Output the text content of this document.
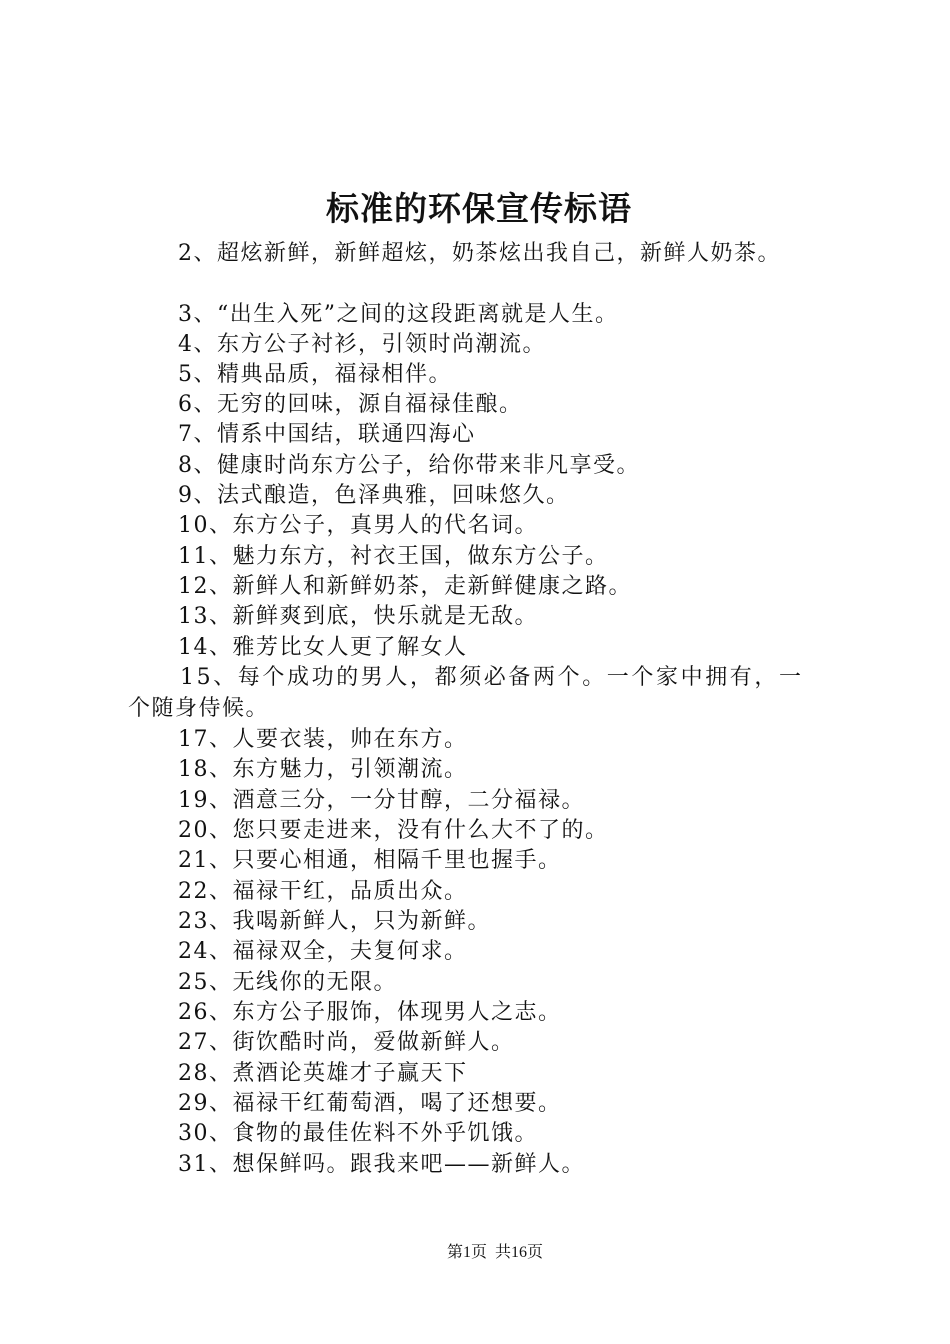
标准的环保宣传标语
2、超炫新鲜，新鲜超炫，奶茶炫出我自己，新鲜人奶茶。
3、“出生入死”之间的这段距离就是人生。
4、东方公子衬衫，引领时尚潮流。
5、精典品质，福禄相伴。
6、无穷的回味，源自福禄佳酿。
7、情系中国结，联通四海心
8、健康时尚东方公子，给你带来非凡享受。
9、法式酿造，色泽典雅，回味悠久。
10、东方公子，真男人的代名词。
11、魅力东方，衬衣王国，做东方公子。
12、新鲜人和新鲜奶茶，走新鲜健康之路。
13、新鲜爽到底，快乐就是无敌。
14、雅芳比女人更了解女人
15、每个成功的男人，都须必备两个。一个家中拥有，一
个随身侍候。
17、人要衣装，帅在东方。
18、东方魅力，引领潮流。
19、酒意三分，一分甘醇，二分福禄。
20、您只要走进来，没有什么大不了的。
21、只要心相通，相隔千里也握手。
22、福禄干红，品质出众。
23、我喝新鲜人，只为新鲜。
24、福禄双全，夫复何求。
25、无线你的无限。
26、东方公子服饰，体现男人之志。
27、街饮酷时尚，爱做新鲜人。
28、煮酒论英雄才子赢天下
29、福禄干红葡萄酒，喝了还想要。
30、食物的最佳佐料不外乎饥饿。
31、想保鲜吗。跟我来吧——新鲜人。
第1页 共16页
